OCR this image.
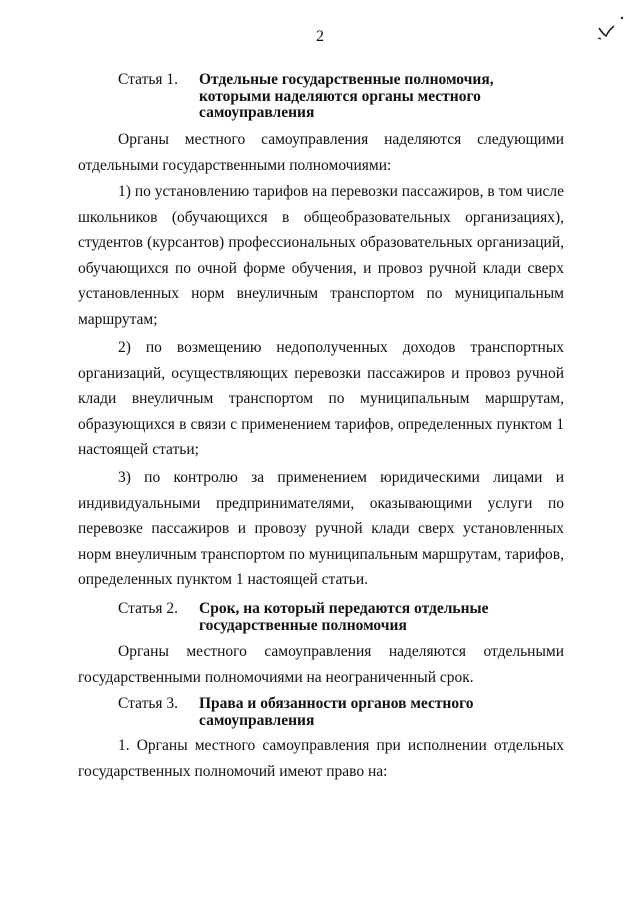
2
Статья 1.	Отдельные государственные полномочия, которыми наделяются органы местного самоуправления

Органы местного самоуправления наделяются следующими отдельными государственными полномочиями:

1) по установлению тарифов на перевозки пассажиров, в том числе школьников (обучающихся в общеобразовательных организациях), студентов (курсантов) профессиональных образовательных организаций, обучающихся по очной форме обучения, и провоз ручной клади сверх установленных норм внеуличным транспортом по муниципальным маршрутам;

2) по возмещению недополученных доходов транспортных организаций, осуществляющих перевозки пассажиров и провоз ручной клади внеуличным транспортом по муниципальным маршрутам, образующихся в связи с применением тарифов, определенных пунктом 1 настоящей статьи;

3) по контролю за применением юридическими лицами и индивидуальными предпринимателями, оказывающими услуги по перевозке пассажиров и провозу ручной клади сверх установленных норм внеуличным транспортом по муниципальным маршрутам, тарифов, определенных пунктом 1 настоящей статьи.

Статья 2.	Срок, на который передаются отдельные государственные полномочия

Органы местного самоуправления наделяются отдельными государственными полномочиями на неограниченный срок.

Статья 3.	Права и обязанности органов местного самоуправления

1. Органы местного самоуправления при исполнении отдельных государственных полномочий имеют право на:
